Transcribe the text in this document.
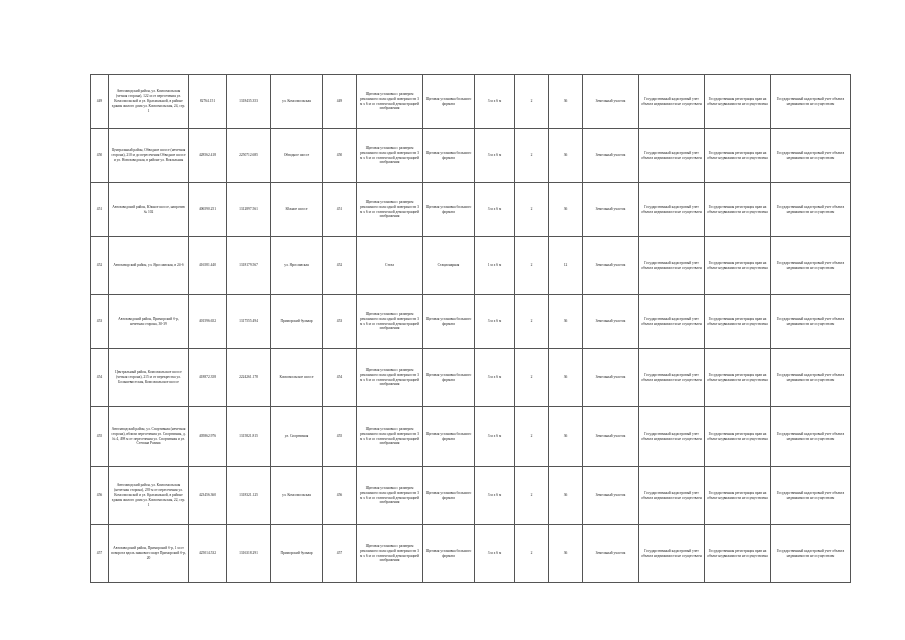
449	Автозаводский район, ул. Комсомольская (четная сторона), 122 м от пересечения ул. Комсомольской и ул. Крахмальной, в районе здания жилого дома ул. Комсомольская, 24, стр. 1	82764.151	1318435.353	ул. Комсомольская	449	Щитовая установка с размером рекламного поля одной поверхности 3 м x 6 м со статической демонстрацией изображения	Щитовая установка большого формата	3 м x 6 м	2	36	Земельный участок	Государственный кадастровый учет объекта недвижимости не осуществлен	Государственная регистрация прав на объект недвижимости не осуществлена	Государственный кадастровый учет объекта недвижимости не осуществлен
450	Центральный район, Обводное шоссе (нечетная сторона), 210 м до пересечения Обводное шоссе и ул. Новозаводская, в районе ул. Вокзальная	428562.418	2250712.685	Обводное шоссе	450	Щитовая установка с размером рекламного поля одной поверхности 3 м x 6 м со статической демонстрацией изображения	Щитовая установка большого формата	3 м x 6 м	2	36	Земельный участок	Государственный кадастровый учет объекта недвижимости не осуществлен	Государственная регистрация прав на объект недвижимости не осуществлена	Государственный кадастровый учет объекта недвижимости не осуществлен
451	Автозаводский район, Южное шоссе, напротив № 102	406590.251	1312897.561	Южное шоссе	451	Щитовая установка с размером рекламного поля одной поверхности 3 м x 6 м со статической демонстрацией изображения	Щитовая установка большого формата	3 м x 6 м	2	36	Земельный участок	Государственный кадастровый учет объекта недвижимости не осуществлен	Государственная регистрация прав на объект недвижимости не осуществлена	Государственный кадастровый учет объекта недвижимости не осуществлен
452	Автозаводский район, ул. Ярославская, в 24-б	416581.440	1318179.567	ул. Ярославская	452	Стела	Стационарная	1 м x 6 м	2	12	Земельный участок	Государственный кадастровый учет объекта недвижимости не осуществлен	Государственная регистрация прав на объект недвижимости не осуществлена	Государственный кадастровый учет объекта недвижимости не осуществлен
453	Автозаводский район, Приморский б-р, нечетная сторона, 30-39	401596.652	1317555.494	Приморский бульвар	453	Щитовая установка с размером рекламного поля одной поверхности 3 м x 6 м со статической демонстрацией изображения	Щитовая установка большого формата	3 м x 6 м	2	36	Земельный участок	Государственный кадастровый учет объекта недвижимости не осуществлен	Государственная регистрация прав на объект недвижимости не осуществлена	Государственный кадастровый учет объекта недвижимости не осуществлен
454	Центральный район, Комсомольское шоссе (четная сторона), 215 м от перекрестка ул. Большевистская, Комсомольское шоссе	418872.358	2224261.178	Комсомольское шоссе	454	Щитовая установка с размером рекламного поля одной поверхности 3 м x 6 м со статической демонстрацией изображения	Щитовая установка большого формата	3 м x 6 м	2	36	Земельный участок	Государственный кадастровый учет объекта недвижимости не осуществлен	Государственная регистрация прав на объект недвижимости не осуществлена	Государственный кадастровый учет объекта недвижимости не осуществлен
455	Автозаводский район, ул. Спортивная (нечетная сторона), вблизи пересечения ул. Спортивная, д. № 4, 498 м от пересечения ул. Спортивная и ул. Степана Разина	405862.976	1315821.815	ул. Спортивная	455	Щитовая установка с размером рекламного поля одной поверхности 3 м x 6 м со статической демонстрацией изображения	Щитовая установка большого формата	3 м x 6 м	2	36	Земельный участок	Государственный кадастровый учет объекта недвижимости не осуществлен	Государственная регистрация прав на объект недвижимости не осуществлена	Государственный кадастровый учет объекта недвижимости не осуществлен
456	Автозаводский район, ул. Комсомольская (нечетная сторона), 239 м от пересечения ул. Комсомольской и ул. Крахмальной, в районе здания жилого дома ул. Комсомольская, 22, стр. 1	423456.360	1318321.125	ул. Комсомольская	456	Щитовая установка с размером рекламного поля одной поверхности 3 м x 6 м со статической демонстрацией изображения	Щитовая установка большого формата	3 м x 6 м	2	36	Земельный участок	Государственный кадастровый учет объекта недвижимости не осуществлен	Государственная регистрация прав на объект недвижимости не осуществлена	Государственный кадастровый учет объекта недвижимости не осуществлен
457	Автозаводский район, Приморский б-р, 1 м от поворота вдоль знакового шарт Приморский б-р, 20	425014.532	1316318.291	Приморский бульвар	457	Щитовая установка с размером рекламного поля одной поверхности 3 м x 6 м со статической демонстрацией изображения	Щитовая установка большого формата	3 м x 6 м	2	36	Земельный участок	Государственный кадастровый учет объекта недвижимости не осуществлен	Государственная регистрация прав на объект недвижимости не осуществлена	Государственный кадастровый учет объекта недвижимости не осуществлен
